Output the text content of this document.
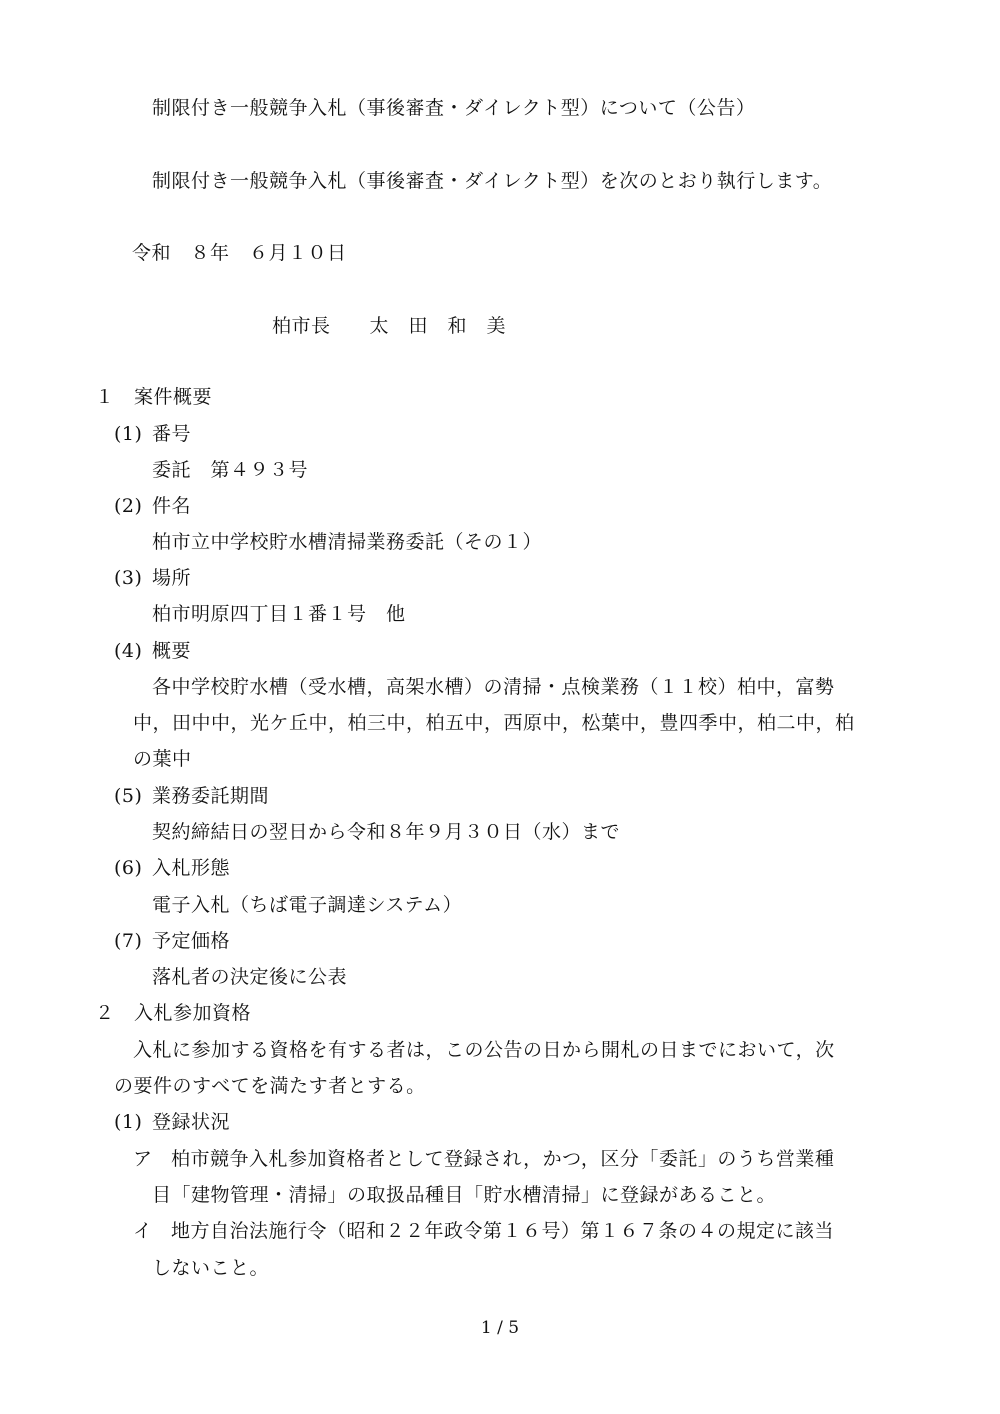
制限付き一般競争入札（事後審査・ダイレクト型）について（公告）
制限付き一般競争入札（事後審査・ダイレクト型）を次のとおり執行します。
令和　８年　６月１０日
柏市長　　太　田　和　美
１　案件概要
(1) 番号
委託　第４９３号
(2) 件名
柏市立中学校貯水槽清掃業務委託（その１）
(3) 場所
柏市明原四丁目１番１号　他
(4) 概要
各中学校貯水槽（受水槽，高架水槽）の清掃・点検業務（１１校）柏中，富勢
中，田中中，光ケ丘中，柏三中，柏五中，西原中，松葉中，豊四季中，柏二中，柏
の葉中
(5) 業務委託期間
契約締結日の翌日から令和８年９月３０日（水）まで
(6) 入札形態
電子入札（ちば電子調達システム）
(7) 予定価格
落札者の決定後に公表
２　入札参加資格
入札に参加する資格を有する者は，この公告の日から開札の日までにおいて，次
の要件のすべてを満たす者とする。
(1) 登録状況
ア 柏市競争入札参加資格者として登録され，かつ，区分「委託」のうち営業種
目「建物管理・清掃」の取扱品種目「貯水槽清掃」に登録があること。
イ 地方自治法施行令（昭和２２年政令第１６号）第１６７条の４の規定に該当
しないこと。
1 / 5
